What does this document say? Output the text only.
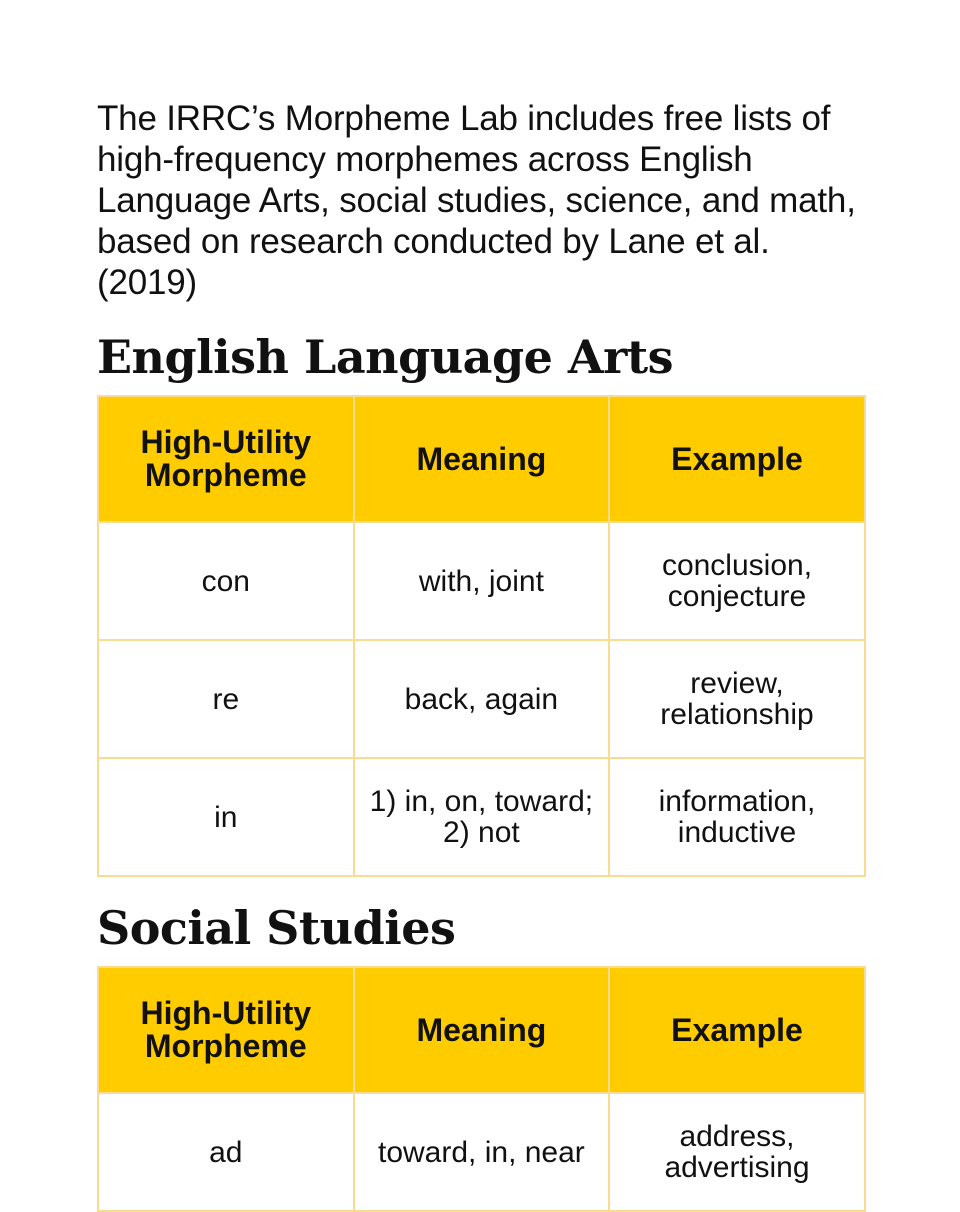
The IRRC’s Morpheme Lab includes free lists of high-frequency morphemes across English Language Arts, social studies, science, and math, based on research conducted by Lane et al. (2019)

English Language Arts
High-Utility Morpheme	Meaning	Example
con	with, joint	conclusion, conjecture
re	back, again	review, relationship
in	1) in, on, toward; 2) not	information, inductive
Social Studies
High-Utility Morpheme	Meaning	Example
ad	toward, in, near	address, advertising
